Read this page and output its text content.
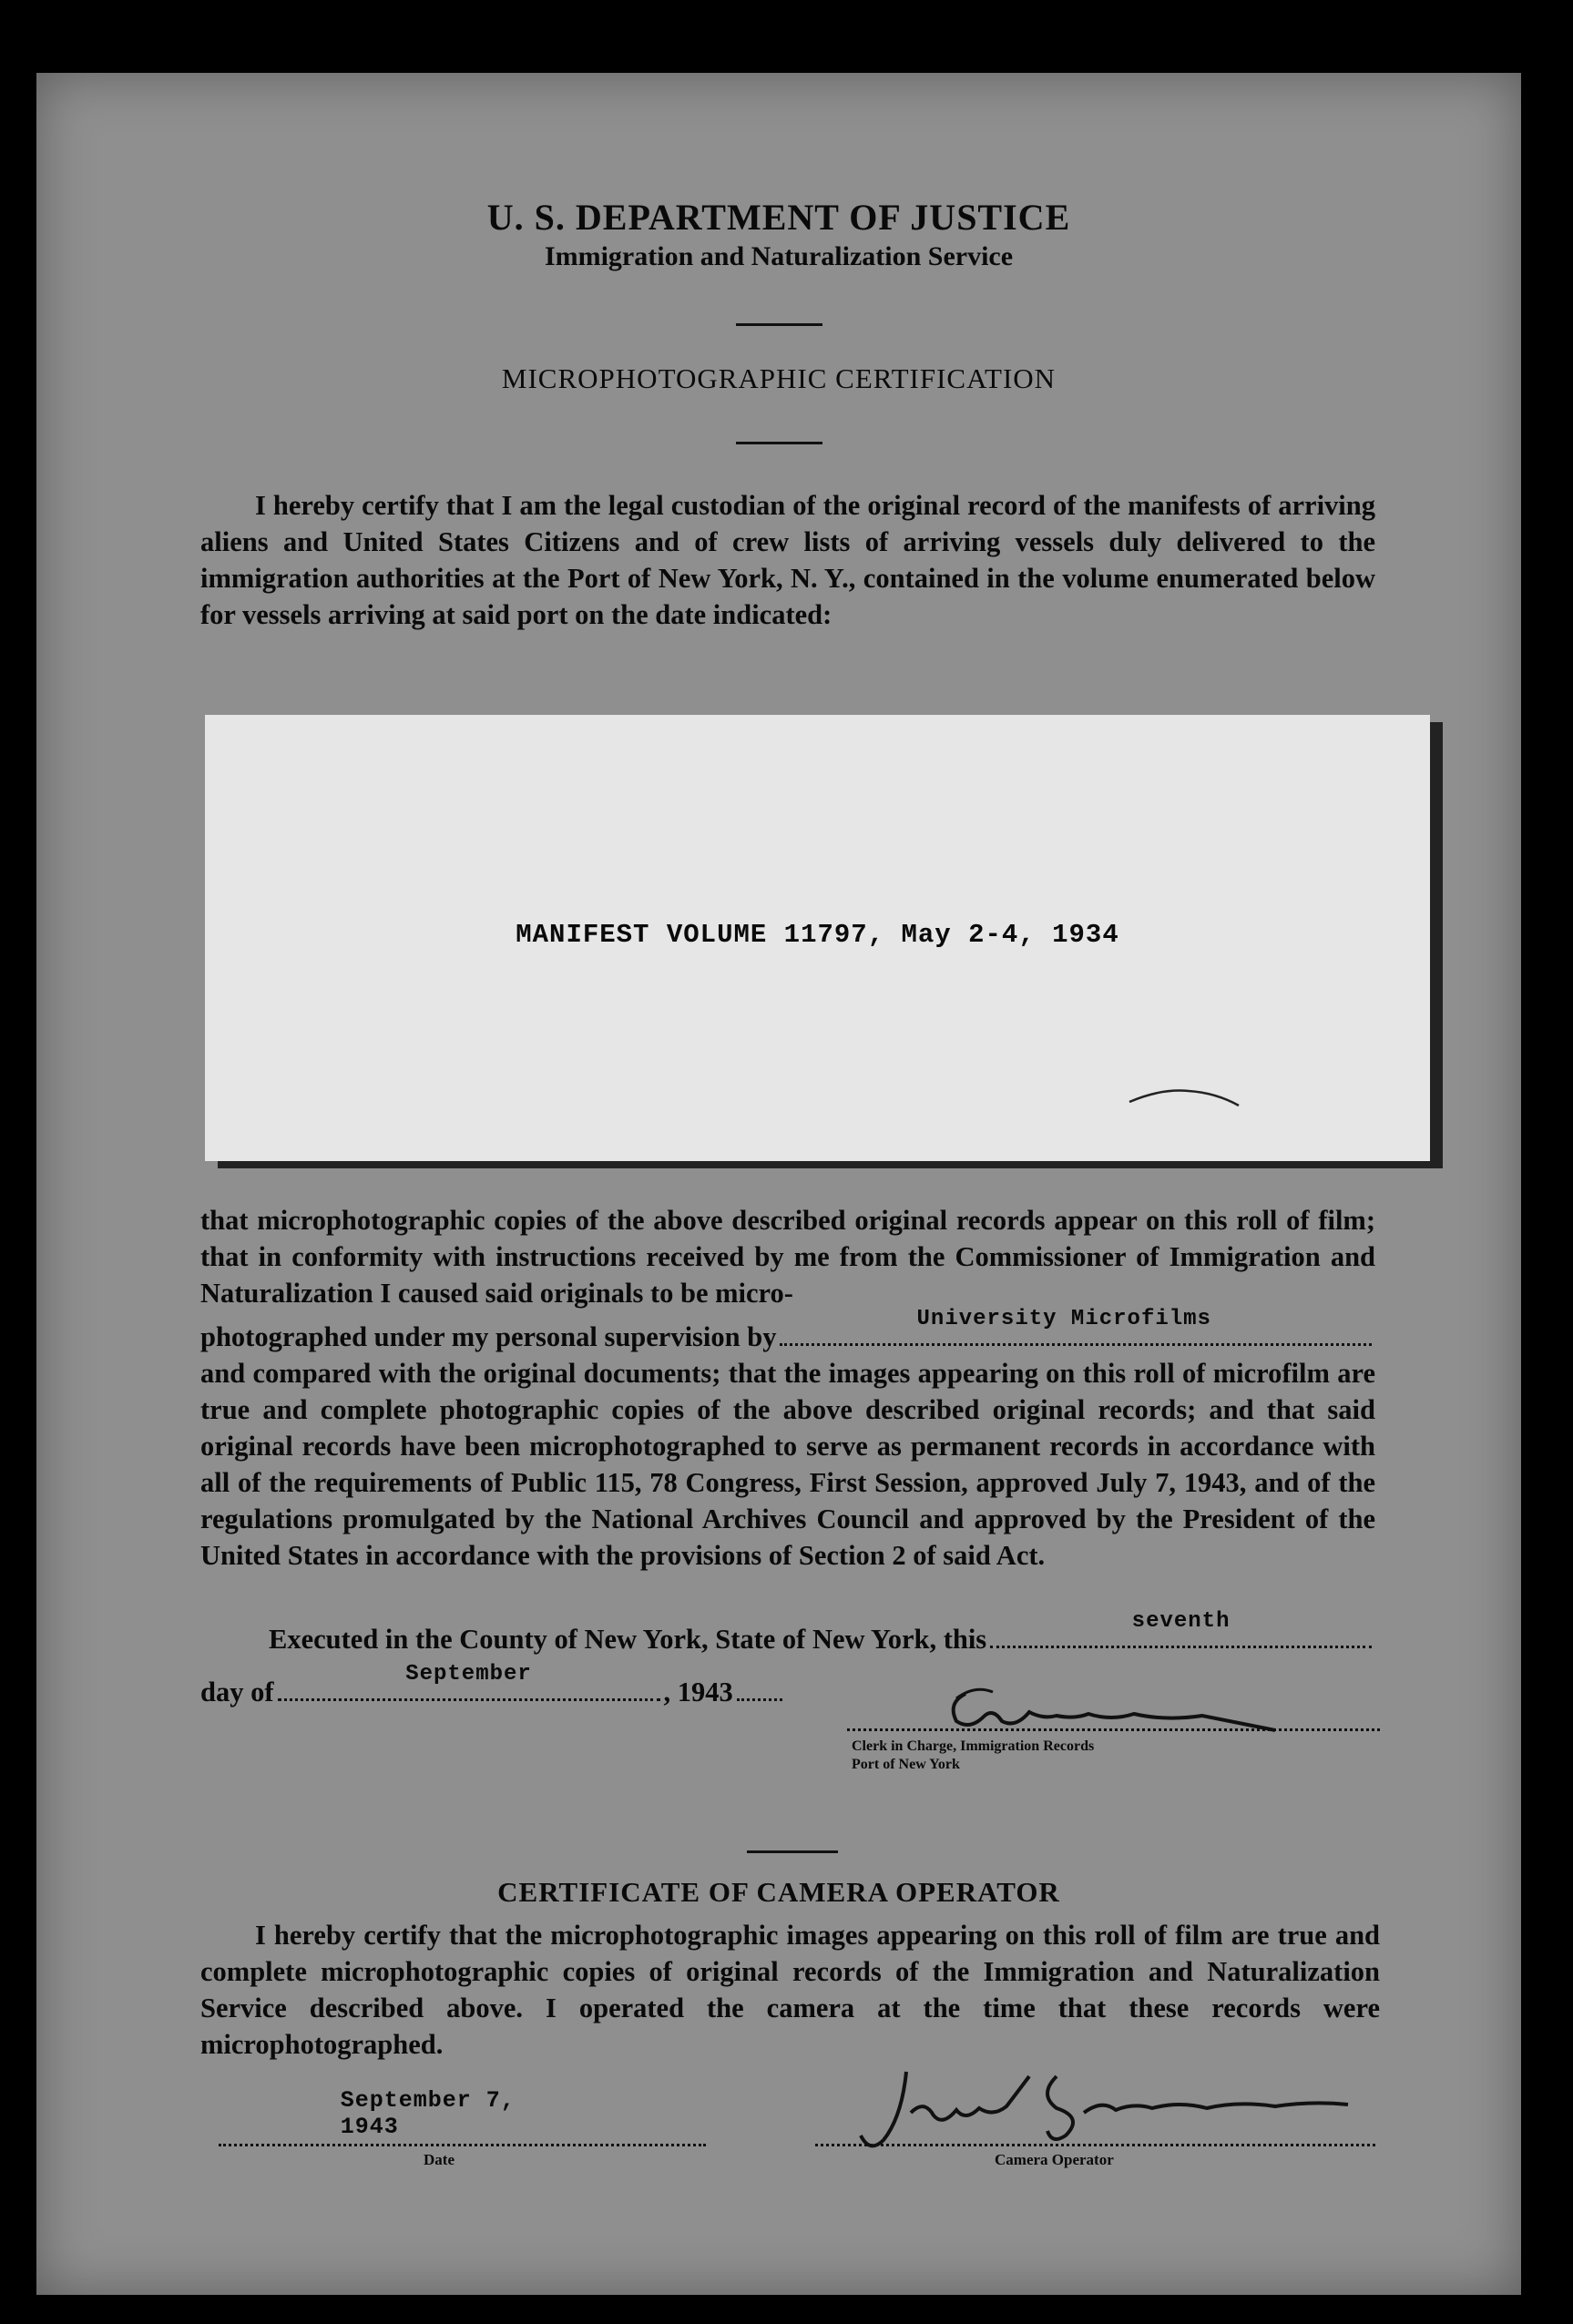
U. S. DEPARTMENT OF JUSTICE
Immigration and Naturalization Service
MICROPHOTOGRAPHIC CERTIFICATION

I hereby certify that I am the legal custodian of the original record of the manifests of arriving aliens and United States Citizens and of crew lists of arriving vessels duly delivered to the immigration authorities at the Port of New York, N. Y., contained in the volume enumerated below for vessels arriving at said port on the date indicated:

MANIFEST VOLUME 11797, May 2-4, 1934

that microphotographic copies of the above described original records appear on this roll of film; that in conformity with instructions received by me from the Commissioner of Immigration and Naturalization I caused said originals to be micro-

photographed under my personal supervision by
University Microfilms

and compared with the original documents; that the images appearing on this roll of microfilm are true and complete photographic copies of the above described original records; and that said original records have been microphotographed to serve as permanent records in accordance with all of the requirements of Public 115, 78 Congress, First Session, approved July 7, 1943, and of the regulations promulgated by the National Archives Council and approved by the President of the United States in accordance with the provisions of Section 2 of said Act.

Executed in the County of New York, State of New York, this
seventh
day of
September
, 1943
Clerk in Charge, Immigration Records
Port of New York
CERTIFICATE OF CAMERA OPERATOR

I hereby certify that the microphotographic images appearing on this roll of film are true and complete microphotographic copies of original records of the Immigration and Naturalization Service described above. I operated the camera at the time that these records were microphotographed.

September 7, 1943
Date	Camera Operator
